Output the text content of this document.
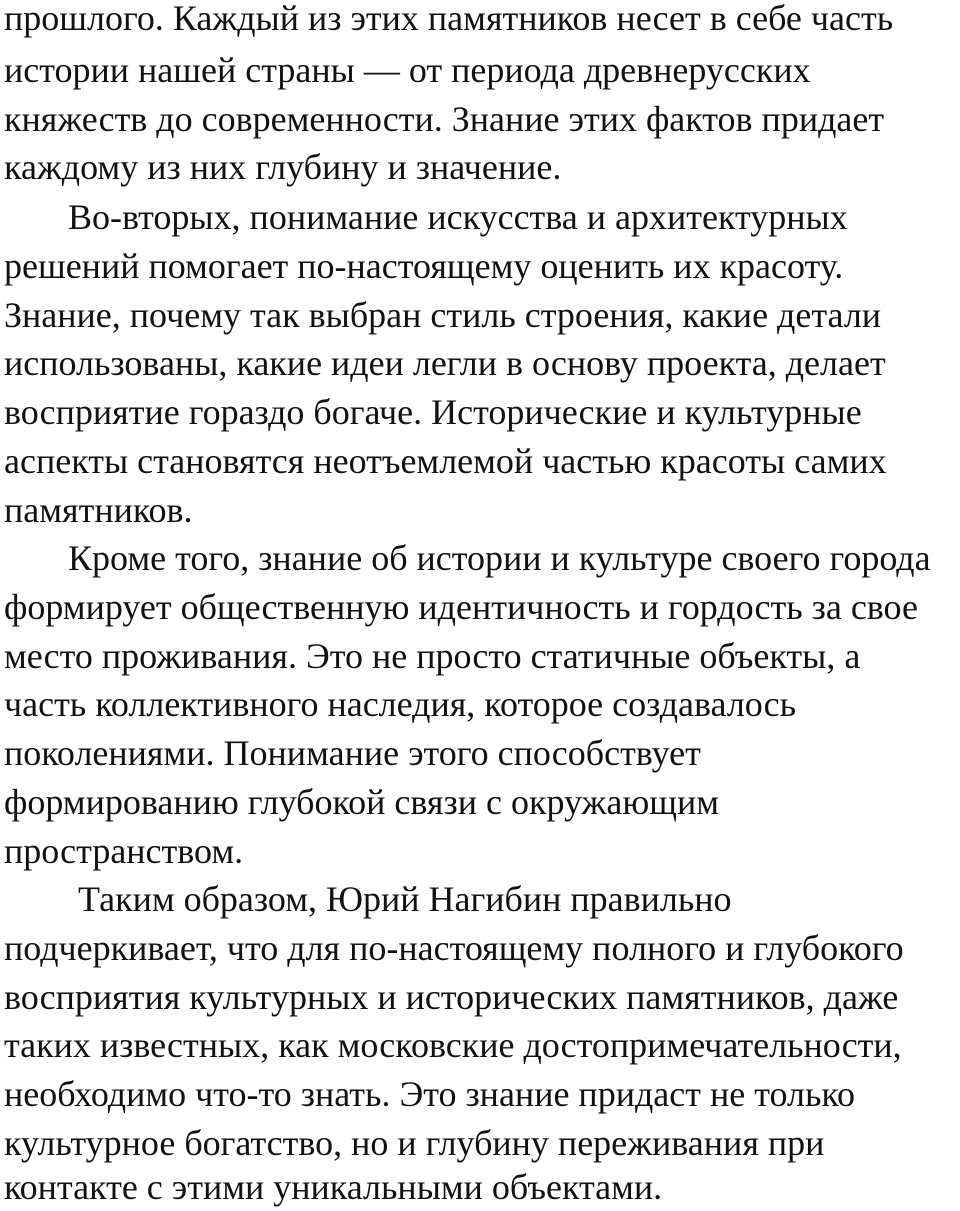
прошлого. Каждый из этих памятников несет в себе часть
истории нашей страны — от периода древнерусских
княжеств до современности. Знание этих фактов придает
каждому из них глубину и значение.
Во-вторых, понимание искусства и архитектурных
решений помогает по-настоящему оценить их красоту.
Знание, почему так выбран стиль строения, какие детали
использованы, какие идеи легли в основу проекта, делает
восприятие гораздо богаче. Исторические и культурные
аспекты становятся неотъемлемой частью красоты самих
памятников.
Кроме того, знание об истории и культуре своего города
формирует общественную идентичность и гордость за свое
место проживания. Это не просто статичные объекты, а
часть коллективного наследия, которое создавалось
поколениями. Понимание этого способствует
формированию глубокой связи с окружающим
пространством.
Таким образом, Юрий Нагибин правильно
подчеркивает, что для по-настоящему полного и глубокого
восприятия культурных и исторических памятников, даже
таких известных, как московские достопримечательности,
необходимо что-то знать. Это знание придаст не только
культурное богатство, но и глубину переживания при
контакте с этими уникальными объектами.
